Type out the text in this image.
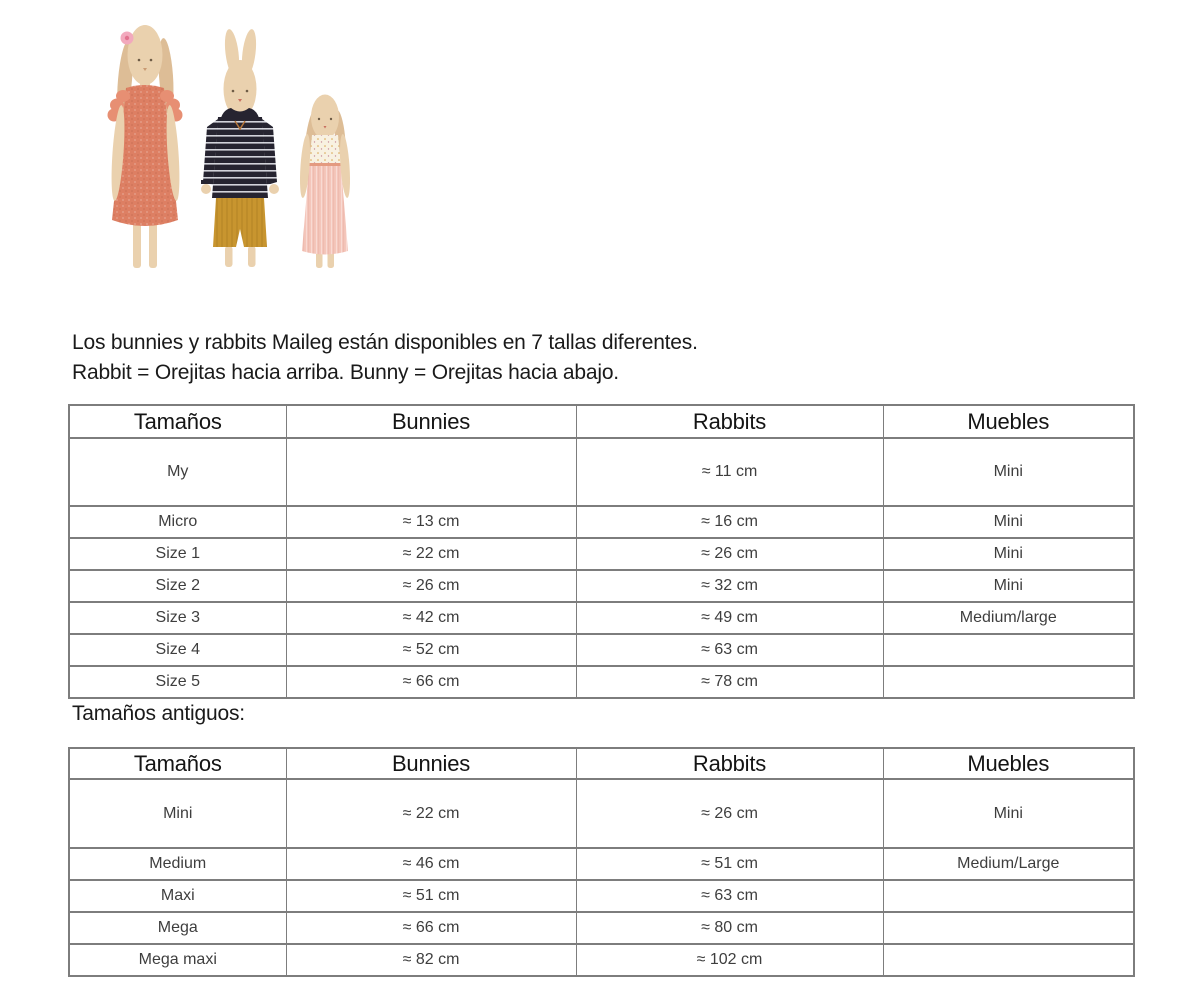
Los bunnies y rabbits Maileg están disponibles en 7 tallas diferentes.
Rabbit = Orejitas hacia arriba. Bunny = Orejitas hacia abajo.
Tamaños	Bunnies	Rabbits	Muebles
My		≈ 11 cm	Mini
Micro	≈ 13 cm	≈ 16 cm	Mini
Size 1	≈ 22 cm	≈ 26 cm	Mini
Size 2	≈ 26 cm	≈ 32 cm	Mini
Size 3	≈ 42 cm	≈ 49 cm	Medium/large
Size 4	≈ 52 cm	≈ 63 cm	
Size 5	≈ 66 cm	≈ 78 cm	
Tamaños antiguos:
Tamaños	Bunnies	Rabbits	Muebles
Mini	≈ 22 cm	≈ 26 cm	Mini
Medium	≈ 46 cm	≈ 51 cm	Medium/Large
Maxi	≈ 51 cm	≈ 63 cm	
Mega	≈ 66 cm	≈ 80 cm	
Mega maxi	≈ 82 cm	≈ 102 cm	
